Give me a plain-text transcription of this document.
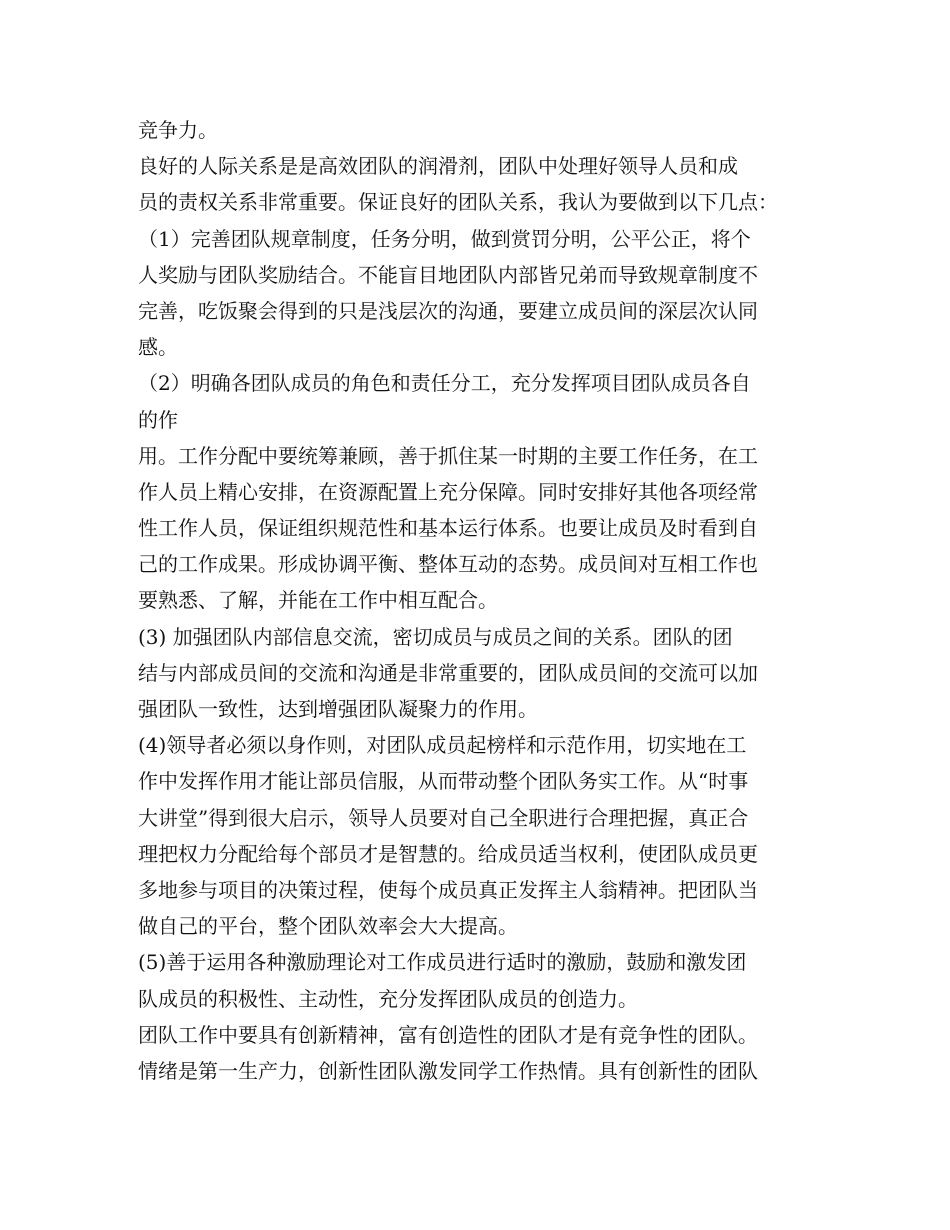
竞争力。
良好的人际关系是是高效团队的润滑剂，团队中处理好领导人员和成
员的责权关系非常重要。保证良好的团队关系，我认为要做到以下几点：
（1）完善团队规章制度，任务分明，做到赏罚分明，公平公正，将个
人奖励与团队奖励结合。不能盲目地团队内部皆兄弟而导致规章制度不
完善，吃饭聚会得到的只是浅层次的沟通，要建立成员间的深层次认同
感。
（2）明确各团队成员的角色和责任分工，充分发挥项目团队成员各自
的作
用。工作分配中要统筹兼顾，善于抓住某一时期的主要工作任务，在工
作人员上精心安排，在资源配置上充分保障。同时安排好其他各项经常
性工作人员，保证组织规范性和基本运行体系。也要让成员及时看到自
己的工作成果。形成协调平衡、整体互动的态势。成员间对互相工作也
要熟悉、了解，并能在工作中相互配合。
(3) 加强团队内部信息交流，密切成员与成员之间的关系。团队的团
结与内部成员间的交流和沟通是非常重要的，团队成员间的交流可以加
强团队一致性，达到增强团队凝聚力的作用。
(4)领导者必须以身作则，对团队成员起榜样和示范作用，切实地在工
作中发挥作用才能让部员信服，从而带动整个团队务实工作。从“时事
大讲堂”得到很大启示，领导人员要对自己全职进行合理把握，真正合
理把权力分配给每个部员才是智慧的。给成员适当权利，使团队成员更
多地参与项目的决策过程，使每个成员真正发挥主人翁精神。把团队当
做自己的平台，整个团队效率会大大提高。
(5)善于运用各种激励理论对工作成员进行适时的激励，鼓励和激发团
队成员的积极性、主动性，充分发挥团队成员的创造力。
团队工作中要具有创新精神，富有创造性的团队才是有竞争性的团队。
情绪是第一生产力，创新性团队激发同学工作热情。具有创新性的团队
